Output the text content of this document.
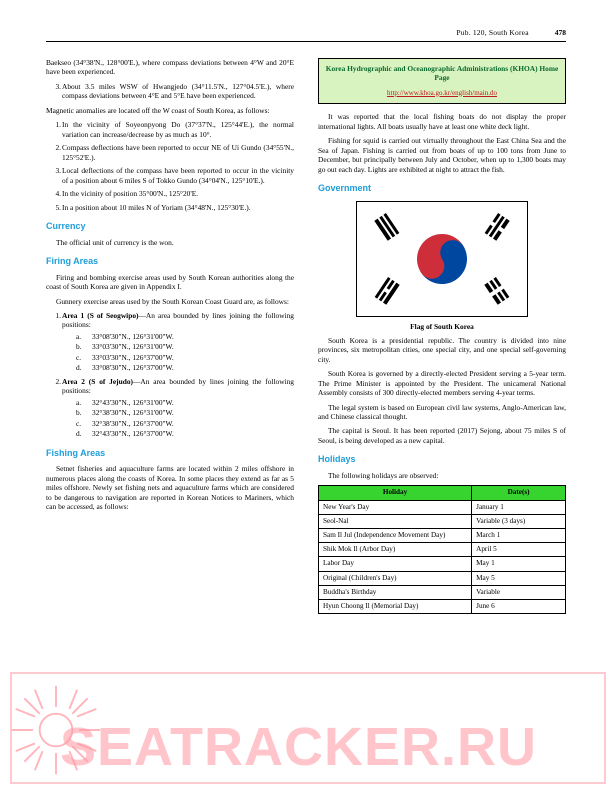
Pub. 120, South Korea	478

Baekseo (34°38'N., 128°00'E.), where compass deviations between 4°W and 20°E have been experienced.

3. About 3.5 miles WSW of Hwangjedo (34°11.5'N., 127°04.5'E.), where compass deviations between 4°E and 5°E have been experienced.

Magnetic anomalies are located off the W coast of South Korea, as follows:

1. In the vicinity of Soyeonpyong Do (37°37'N., 125°44'E.), the normal variation can increase/decrease by as much as 10°.
2. Compass deflections have been reported to occur NE of Ui Gundo (34°55'N., 125°52'E.).
3. Local deflections of the compass have been reported to occur in the vicinity of a position about 6 miles S of Tokko Gundo (34°04'N., 125°10'E.).
4. In the vicinity of position 35°00'N., 125°20'E.
5. In a position about 10 miles N of Yoriam (34°48'N., 125°30'E.).
Currency

The official unit of currency is the won.

Firing Areas

Firing and bombing exercise areas used by South Korean authorities along the coast of South Korea are given in Appendix I.

Gunnery exercise areas used by the South Korean Coast Guard are, as follows:

1. Area 1 (S of Seogwipo)—An area bounded by lines joining the following positions:
a. 33°08'30"N., 126°31'00"W.
b. 33°03'30"N., 126°31'00"W.
c. 33°03'30"N., 126°37'00"W.
d. 33°08'30"N., 126°37'00"W.
2. Area 2 (S of Jejudo)—An area bounded by lines joining the following positions:
a. 32°43'30"N., 126°31'00"W.
b. 32°38'30"N., 126°31'00"W.
c. 32°38'30"N., 126°37'00"W.
d. 32°43'30"N., 126°37'00"W.
Fishing Areas

Setnet fisheries and aquaculture farms are located within 2 miles offshore in numerous places along the coasts of Korea. In some places they extend as far as 5 miles offshore. Newly set fishing nets and aquaculture farms which are considered to be dangerous to navigation are reported in Korean Notices to Mariners, which can be accessed, as follows:

Korea Hydrographic and Oceanographic Administrations (KHOA) Home Page
http://www.khoa.go.kr/english/main.do

It was reported that the local fishing boats do not display the proper international lights. All boats usually have at least one white deck light.

Fishing for squid is carried out virtually throughout the East China Sea and the Sea of Japan. Fishing is carried out from boats of up to 100 tons from June to December, but principally between July and October, when up to 1,300 boats may go out each day. Lights are exhibited at night to attract the fish.

Government
Flag of South Korea

South Korea is a presidential republic. The country is divided into nine provinces, six metropolitan cities, one special city, and one special self-governing city.

South Korea is governed by a directly-elected President serving a 5-year term. The Prime Minister is appointed by the President. The unicameral National Assembly consists of 300 directly-elected members serving 4-year terms.

The legal system is based on European civil law systems, Anglo-American law, and Chinese classical thought.

The capital is Seoul. It has been reported (2017) Sejong, about 75 miles S of Seoul, is being developed as a new capital.

Holidays

The following holidays are observed:

Holiday	Date(s)
New Year's Day	January 1
Seol-Nal	Variable (3 days)
Sam Il Jul (Independence Movement Day)	March 1
Shik Mok Il (Arbor Day)	April 5
Labor Day	May 1
Original (Children's Day)	May 5
Buddha's Birthday	Variable
Hyun Choong Il (Memorial Day)	June 6
SEATRACKER.RU
